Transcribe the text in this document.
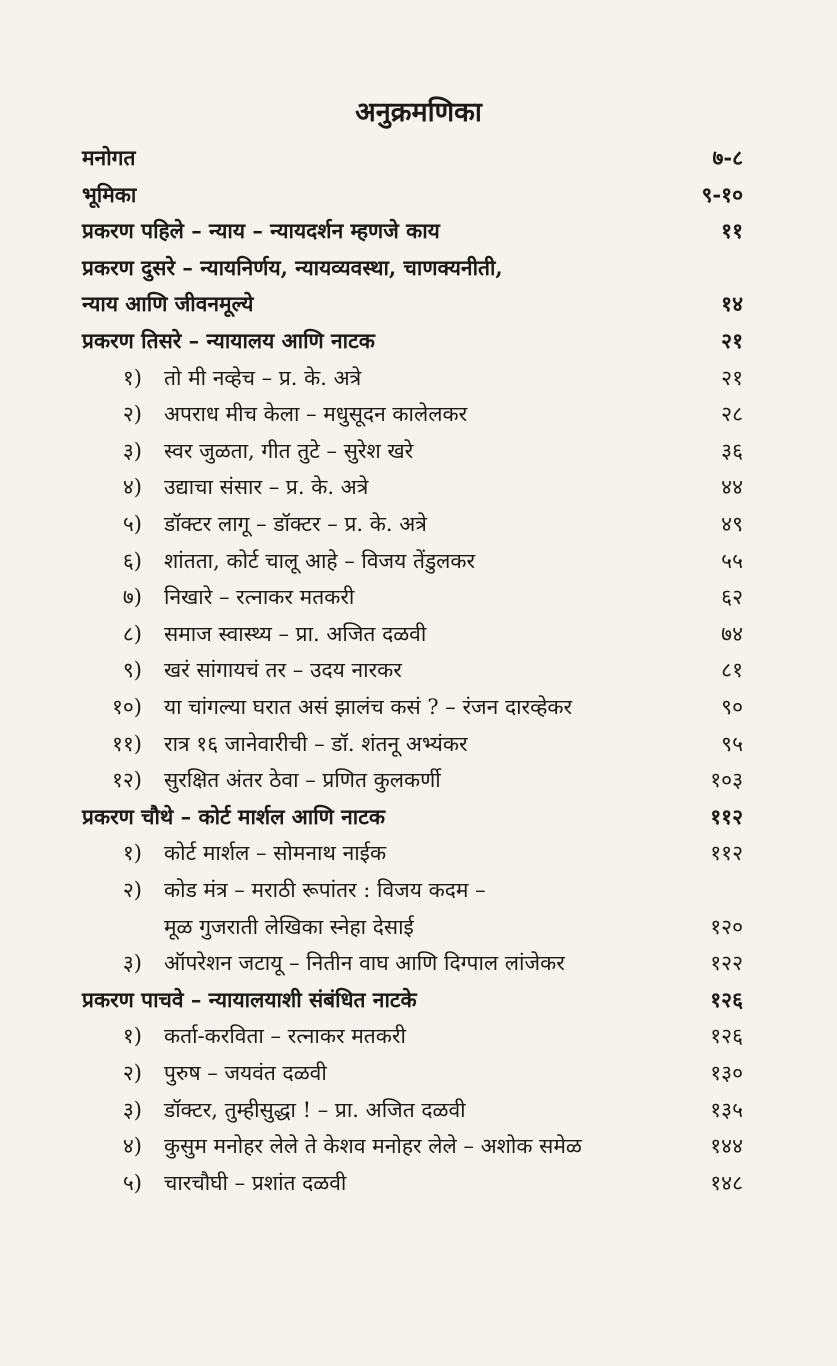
अनुक्रमणिका
मनोगत	७-८
भूमिका	९-१०
प्रकरण पहिले – न्याय – न्यायदर्शन म्हणजे काय	११
प्रकरण दुसरे – न्यायनिर्णय, न्यायव्यवस्था, चाणक्यनीती,
न्याय आणि जीवनमूल्ये	१४
प्रकरण तिसरे – न्यायालय आणि नाटक	२१
१) तो मी नव्हेच – प्र. के. अत्रे	२१
२) अपराध मीच केला – मधुसूदन कालेलकर	२८
३) स्वर जुळता, गीत तुटे – सुरेश खरे	३६
४) उद्याचा संसार – प्र. के. अत्रे	४४
५) डॉक्टर लागू – डॉक्टर – प्र. के. अत्रे	४९
६) शांतता, कोर्ट चालू आहे – विजय तेंडुलकर	५५
७) निखारे – रत्नाकर मतकरी	६२
८) समाज स्वास्थ्य – प्रा. अजित दळवी	७४
९) खरं सांगायचं तर – उदय नारकर	८१
१०) या चांगल्या घरात असं झालंच कसं ? – रंजन दारव्हेकर	९०
११) रात्र १६ जानेवारीची – डॉ. शंतनू अभ्यंकर	९५
१२) सुरक्षित अंतर ठेवा – प्रणित कुलकर्णी	१०३
प्रकरण चौथे – कोर्ट मार्शल आणि नाटक	११२
१) कोर्ट मार्शल – सोमनाथ नाईक	११२
२) कोड मंत्र – मराठी रूपांतर : विजय कदम –
मूळ गुजराती लेखिका स्नेहा देसाई	१२०
३) ऑपरेशन जटायू – नितीन वाघ आणि दिग्पाल लांजेकर	१२२
प्रकरण पाचवे – न्यायालयाशी संबंधित नाटके	१२६
१) कर्ता-करविता – रत्नाकर मतकरी	१२६
२) पुरुष – जयवंत दळवी	१३०
३) डॉक्टर, तुम्हीसुद्धा ! – प्रा. अजित दळवी	१३५
४) कुसुम मनोहर लेले ते केशव मनोहर लेले – अशोक समेळ	१४४
५) चारचौघी – प्रशांत दळवी	१४८
